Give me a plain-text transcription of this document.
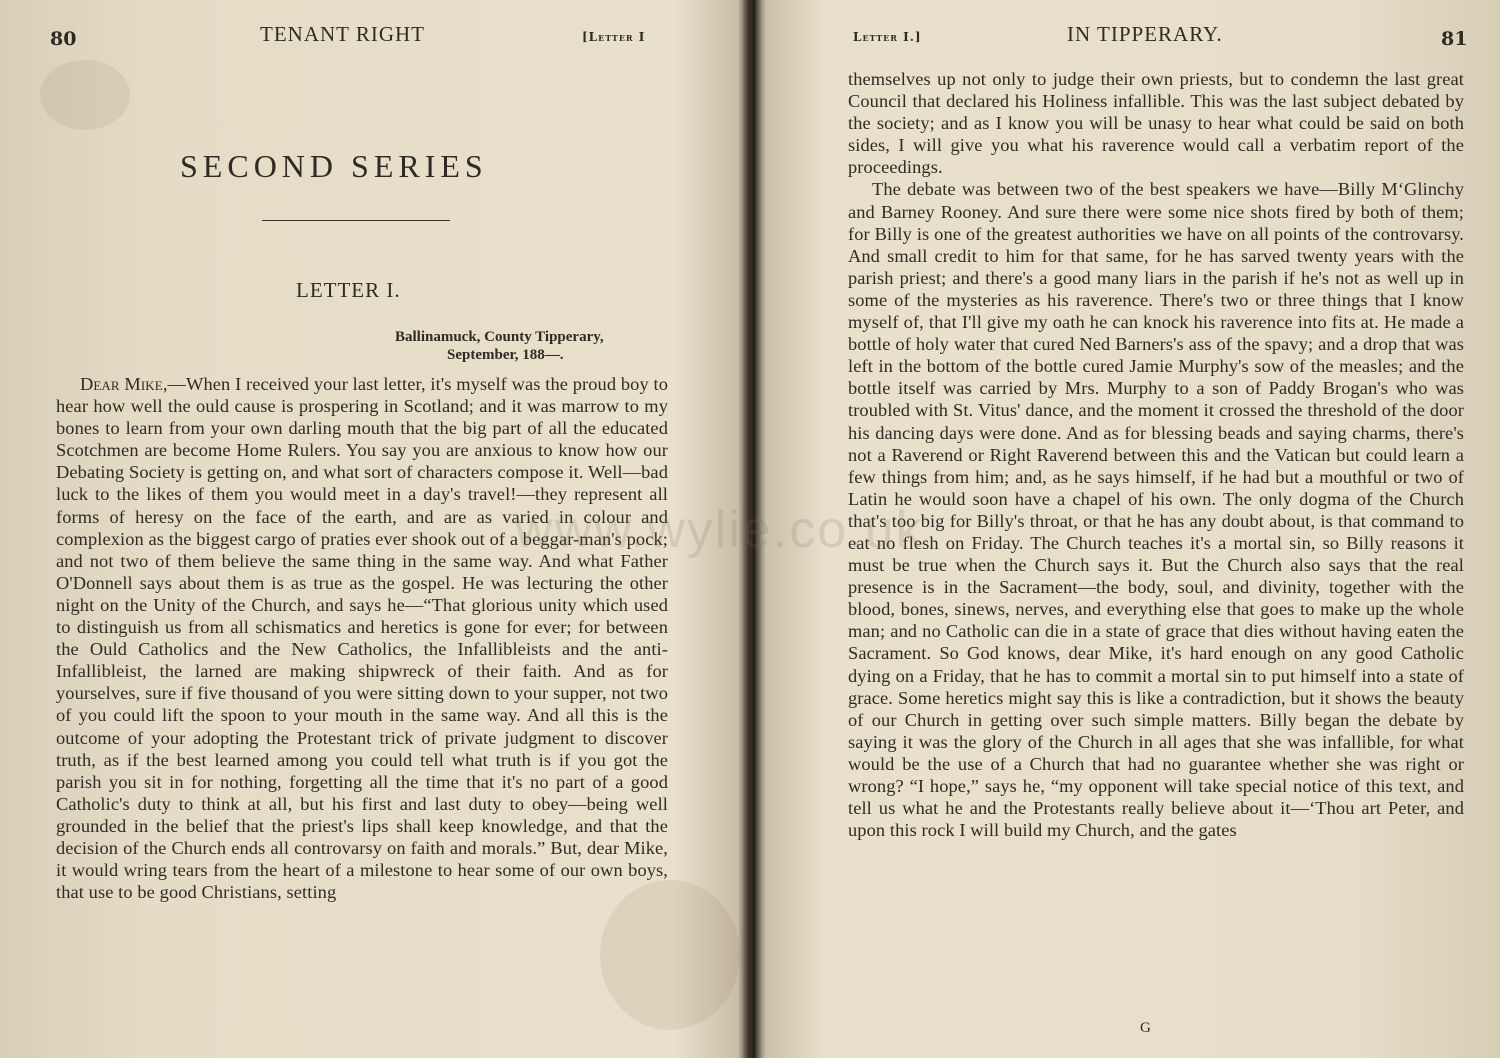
80	TENANT RIGHT	[Letter I
SECOND SERIES
LETTER I.
Ballinamuck, County Tipperary,
September, 188—.
Dear Mike,—When I received your last letter, it's myself was the proud boy to hear how well the ould cause is prospering in Scotland; and it was marrow to my bones to learn from your own darling mouth that the big part of all the educated Scotchmen are become Home Rulers. You say you are anxious to know how our Debating Society is getting on, and what sort of characters compose it. Well—bad luck to the likes of them you would meet in a day's travel!—they represent all forms of heresy on the face of the earth, and are as varied in colour and complexion as the biggest cargo of praties ever shook out of a beggar-man's pock; and not two of them believe the same thing in the same way. And what Father O'Donnell says about them is as true as the gospel. He was lecturing the other night on the Unity of the Church, and says he—“That glorious unity which used to distinguish us from all schismatics and heretics is gone for ever; for between the Ould Catholics and the New Catholics, the Infallibleists and the anti-Infallibleist, the larned are making shipwreck of their faith. And as for yourselves, sure if five thousand of you were sitting down to your supper, not two of you could lift the spoon to your mouth in the same way. And all this is the outcome of your adopting the Protestant trick of private judgment to discover truth, as if the best learned among you could tell what truth is if you got the parish you sit in for nothing, forgetting all the time that it's no part of a good Catholic's duty to think at all, but his first and last duty to obey—being well grounded in the belief that the priest's lips shall keep knowledge, and that the decision of the Church ends all controvarsy on faith and morals.” But, dear Mike, it would wring tears from the heart of a milestone to hear some of our own boys, that use to be good Christians, setting
Letter I.]	IN TIPPERARY.	81
themselves up not only to judge their own priests, but to condemn the last great Council that declared his Holiness infallible. This was the last subject debated by the society; and as I know you will be unasy to hear what could be said on both sides, I will give you what his raverence would call a verbatim report of the proceedings.
The debate was between two of the best speakers we have—Billy M‘Glinchy and Barney Rooney. And sure there were some nice shots fired by both of them; for Billy is one of the greatest authorities we have on all points of the controvarsy. And small credit to him for that same, for he has sarved twenty years with the parish priest; and there's a good many liars in the parish if he's not as well up in some of the mysteries as his raverence. There's two or three things that I know myself of, that I'll give my oath he can knock his raverence into fits at. He made a bottle of holy water that cured Ned Barners's ass of the spavy; and a drop that was left in the bottom of the bottle cured Jamie Murphy's sow of the measles; and the bottle itself was carried by Mrs. Murphy to a son of Paddy Brogan's who was troubled with St. Vitus' dance, and the moment it crossed the threshold of the door his dancing days were done. And as for blessing beads and saying charms, there's not a Raverend or Right Raverend between this and the Vatican but could learn a few things from him; and, as he says himself, if he had but a mouthful or two of Latin he would soon have a chapel of his own. The only dogma of the Church that's too big for Billy's throat, or that he has any doubt about, is that command to eat no flesh on Friday. The Church teaches it's a mortal sin, so Billy reasons it must be true when the Church says it. But the Church also says that the real presence is in the Sacrament—the body, soul, and divinity, together with the blood, bones, sinews, nerves, and everything else that goes to make up the whole man; and no Catholic can die in a state of grace that dies without having eaten the Sacrament. So God knows, dear Mike, it's hard enough on any good Catholic dying on a Friday, that he has to commit a mortal sin to put himself into a state of grace. Some heretics might say this is like a contradiction, but it shows the beauty of our Church in getting over such simple matters. Billy began the debate by saying it was the glory of the Church in all ages that she was infallible, for what would be the use of a Church that had no guarantee whether she was right or wrong? “I hope,” says he, “my opponent will take special notice of this text, and tell us what he and the Protestants really believe about it—‘Thou art Peter, and upon this rock I will build my Church, and the gates
G
www.wylie.co.uk
